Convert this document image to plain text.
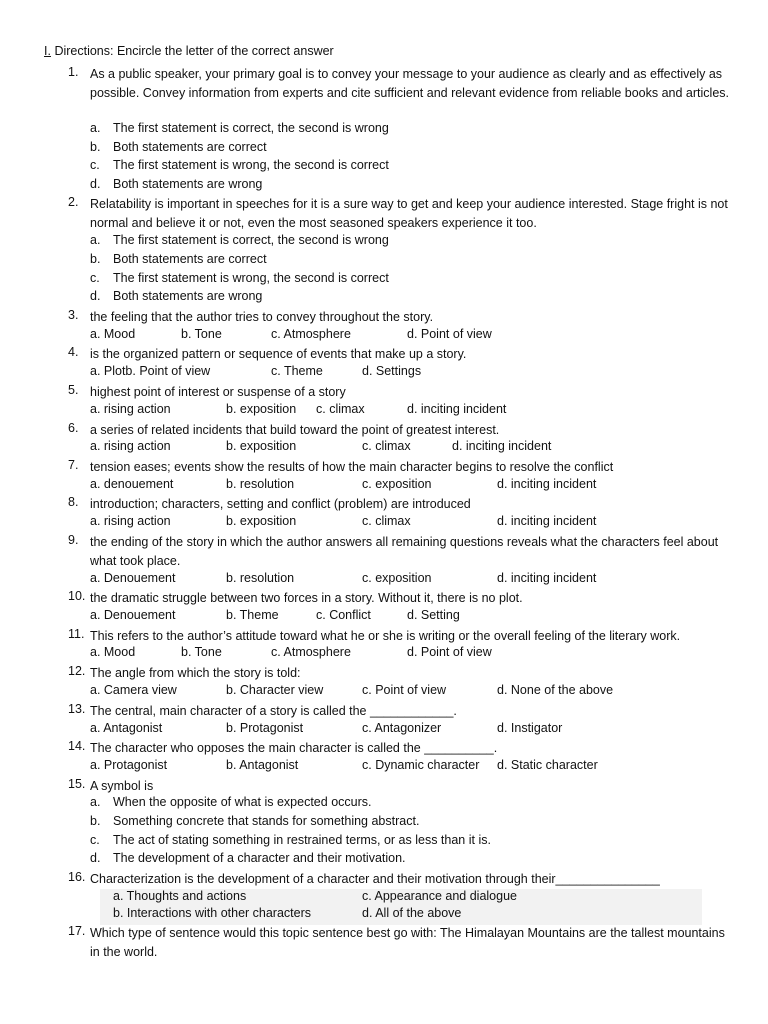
I. Directions: Encircle the letter of the correct answer
1. As a public speaker, your primary goal is to convey your message to your audience as clearly and as effectively as possible. Convey information from experts and cite sufficient and relevant evidence from reliable books and articles.
a. The first statement is correct, the second is wrong
b. Both statements are correct
c. The first statement is wrong, the second is correct
d. Both statements are wrong
2. Relatability is important in speeches for it is a sure way to get and keep your audience interested. Stage fright is not normal and believe it or not, even the most seasoned speakers experience it too.
a. The first statement is correct, the second is wrong
b. Both statements are correct
c. The first statement is wrong, the second is correct
d. Both statements are wrong
3. the feeling that the author tries to convey throughout the story.
a. Mood	b. Tone	c. Atmosphere	d. Point of view
4. is the organized pattern or sequence of events that make up a story.
a. Plotb. Point of view	c. Theme	d. Settings
5. highest point of interest or suspense of a story
a. rising action	b. exposition c. climax	d. inciting incident
6. a series of related incidents that build toward the point of greatest interest.
a. rising action	b. exposition	c. climax	d. inciting incident
7. tension eases; events show the results of how the main character begins to resolve the conflict
a. denouement	b. resolution	c. exposition	d. inciting incident
8. introduction; characters, setting and conflict (problem) are introduced
a. rising action	b. exposition	c. climax	d. inciting incident
9. the ending of the story in which the author answers all remaining questions reveals what the characters feel about what took place.
a. Denouement	b. resolution	c. exposition	d. inciting incident
10. the dramatic struggle between two forces in a story. Without it, there is no plot.
a. Denouement	b. Theme	c. Conflict	d. Setting
11. This refers to the author’s attitude toward what he or she is writing or the overall feeling of the literary work.
a. Mood	b. Tone	c. Atmosphere	d. Point of view
12. The angle from which the story is told:
a. Camera view	b. Character view	c. Point of view	d. None of the above
13. The central, main character of a story is called the ____________.
a. Antagonist	b. Protagonist	c. Antagonizer	d. Instigator
14. The character who opposes the main character is called the __________.
a. Protagonist	b. Antagonist	c. Dynamic character d. Static character
15. A symbol is
a. When the opposite of what is expected occurs.
b. Something concrete that stands for something abstract.
c. The act of stating something in restrained terms, or as less than it is.
d. The development of a character and their motivation.
16. Characterization is the development of a character and their motivation through their_______________
a. Thoughts and actions	c. Appearance and dialogue
b. Interactions with other characters	d. All of the above
17. Which type of sentence would this topic sentence best go with: The Himalayan Mountains are the tallest mountains in the world.
